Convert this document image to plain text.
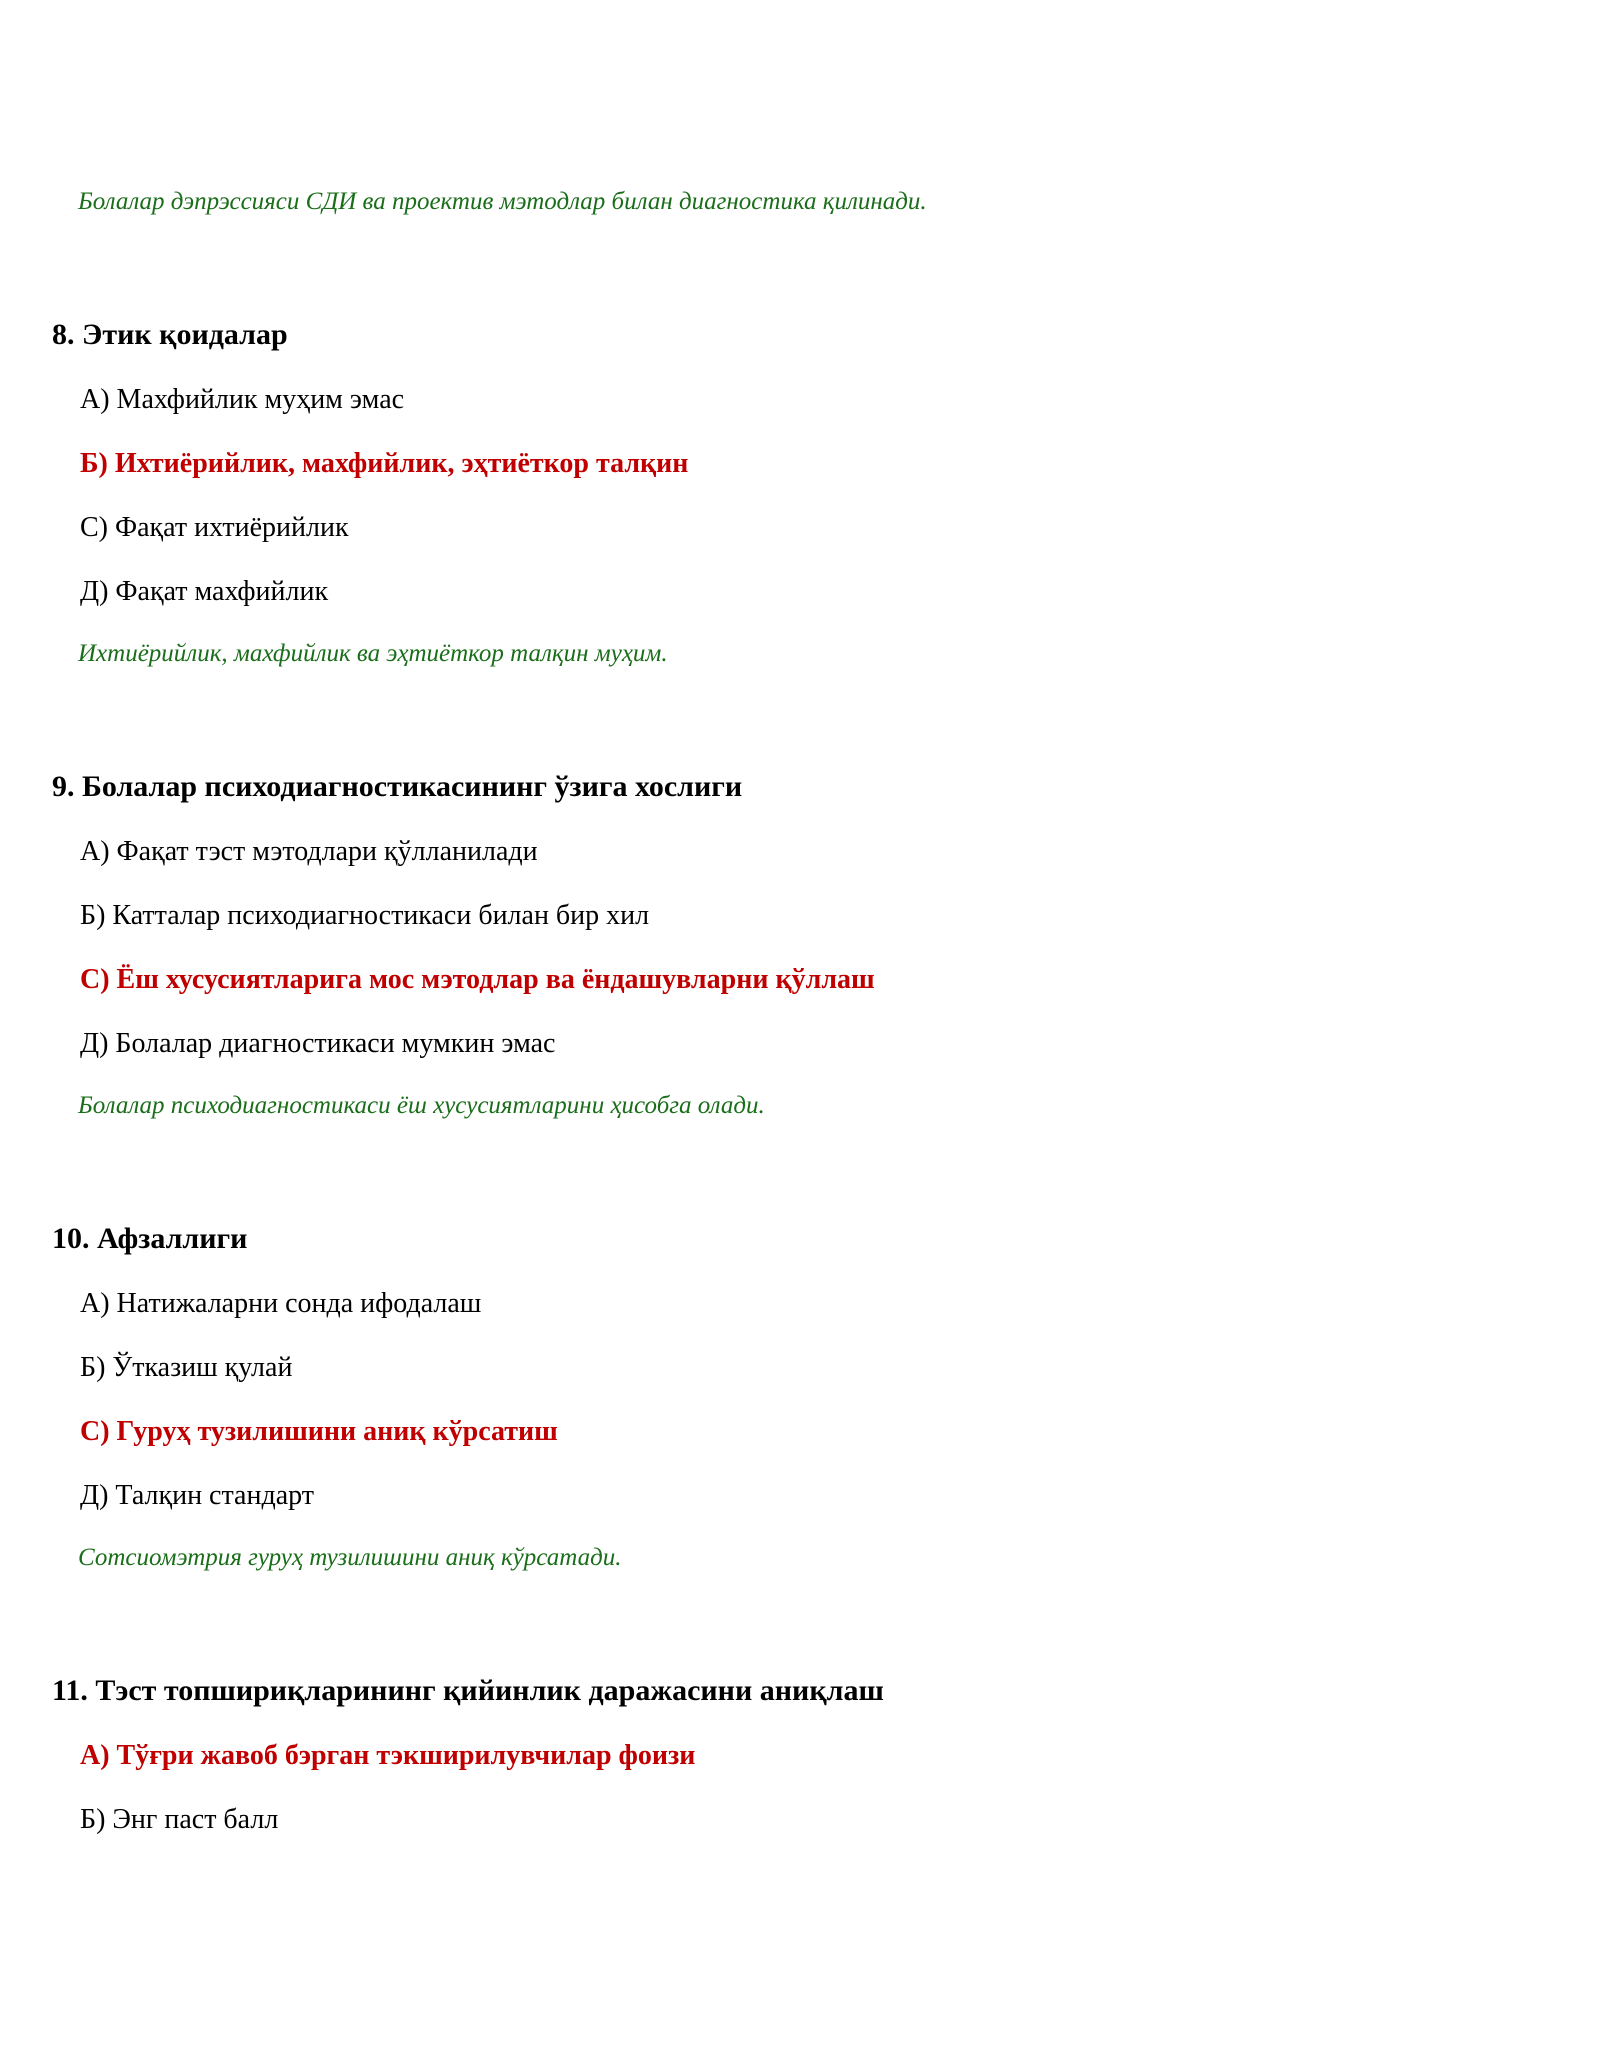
Болалар дэпрэссияси СДИ ва проектив мэтодлар билан диагностика қилинади.
8. Этик қоидалар
А) Махфийлик муҳим эмас
Б) Ихтиёрийлик, махфийлик, эҳтиёткор талқин
С) Фақат ихтиёрийлик
Д) Фақат махфийлик
Ихтиёрийлик, махфийлик ва эҳтиёткор талқин муҳим.
9. Болалар психодиагностикасининг ўзига хослиги
А) Фақат тэст мэтодлари қўлланилади
Б) Катталар психодиагностикаси билан бир хил
С) Ёш хусусиятларига мос мэтодлар ва ёндашувларни қўллаш
Д) Болалар диагностикаси мумкин эмас
Болалар психодиагностикаси ёш хусусиятларини ҳисобга олади.
10. Афзаллиги
А) Натижаларни сонда ифодалаш
Б) Ўтказиш қулай
С) Гуруҳ тузилишини аниқ кўрсатиш
Д) Талқин стандарт
Сотсиомэтрия гуруҳ тузилишини аниқ кўрсатади.
11. Тэст топшириқларининг қийинлик даражасини аниқлаш
А) Тўғри жавоб бэрган тэкширилувчилар фоизи
Б) Энг паст балл
